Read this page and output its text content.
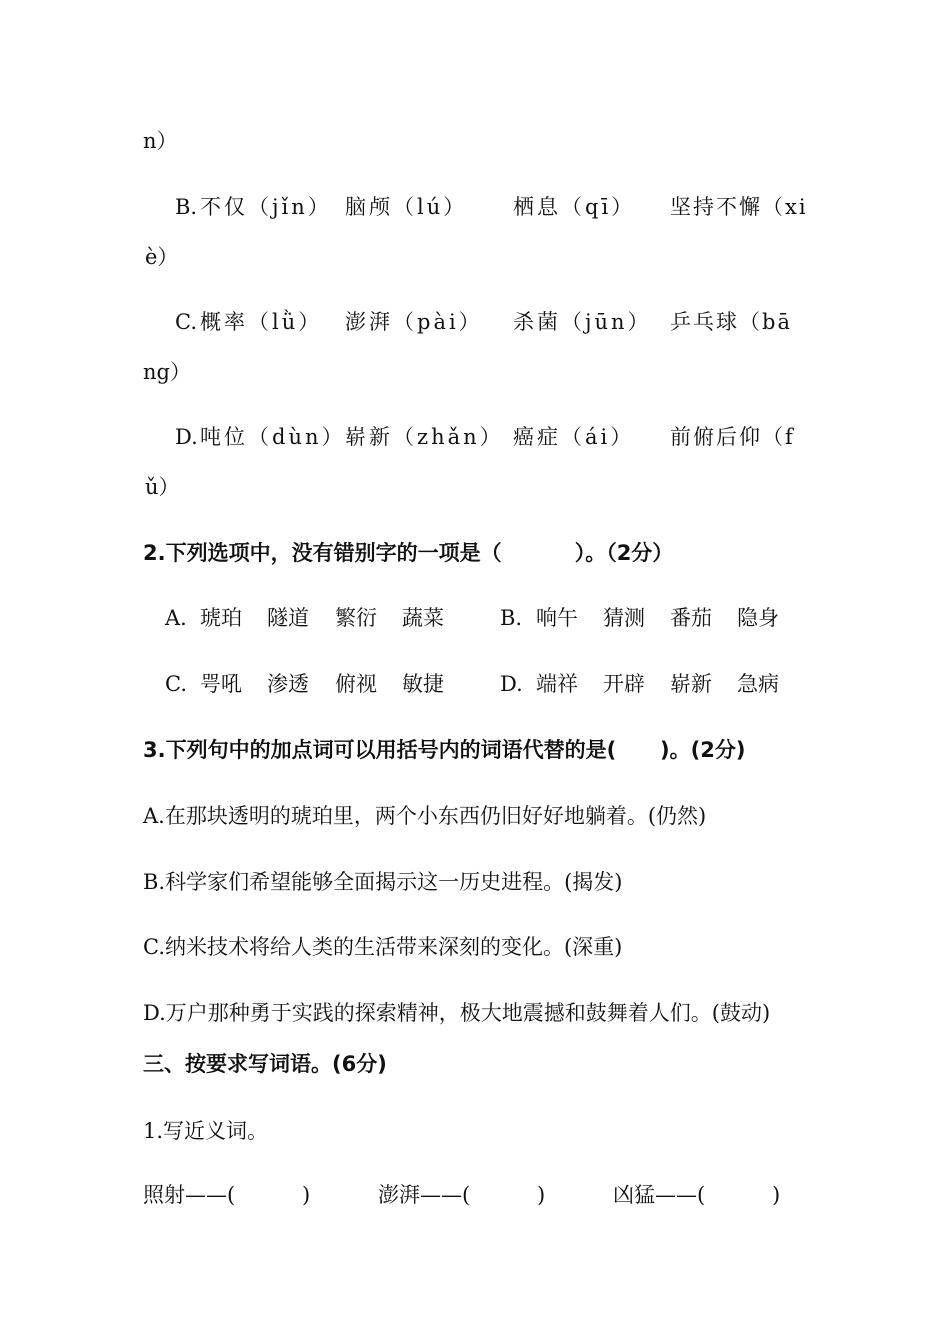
n）
B. 不仅（jǐn） 脑颅（lú） 栖息（qī） 坚持不懈（xi
è）
C. 概率（lǜ） 澎湃（pài） 杀菌（jūn） 乒乓球（bā
ng）
D. 吨位（dùn） 崭新（zhǎn） 癌症（ái） 前俯后仰（f
ǔ）
2.下列选项中，没有错别字的一项是（          ）。（2分）
A. 琥珀 隧道 繁衍 蔬菜	B. 响午 猜测 番茄 隐身
C. 咢吼 渗透 俯视 敏捷	D. 端祥 开辟 崭新 急病
3.下列句中的加点词可以用括号内的词语代替的是(      )。(2分)
A.在那块透明的琥珀里，两个小东西仍旧好好地躺着。(仍然)
B.科学家们希望能够全面揭示这一历史进程。(揭发)
C.纳米技术将给人类的生活带来深刻的变化。(深重)
D.万户那种勇于实践的探索精神，极大地震撼和鼓舞着人们。(鼓动)
三、按要求写词语。(6分)
1.写近义词。
照射——(          )	澎湃——(          )	凶猛——(          )
